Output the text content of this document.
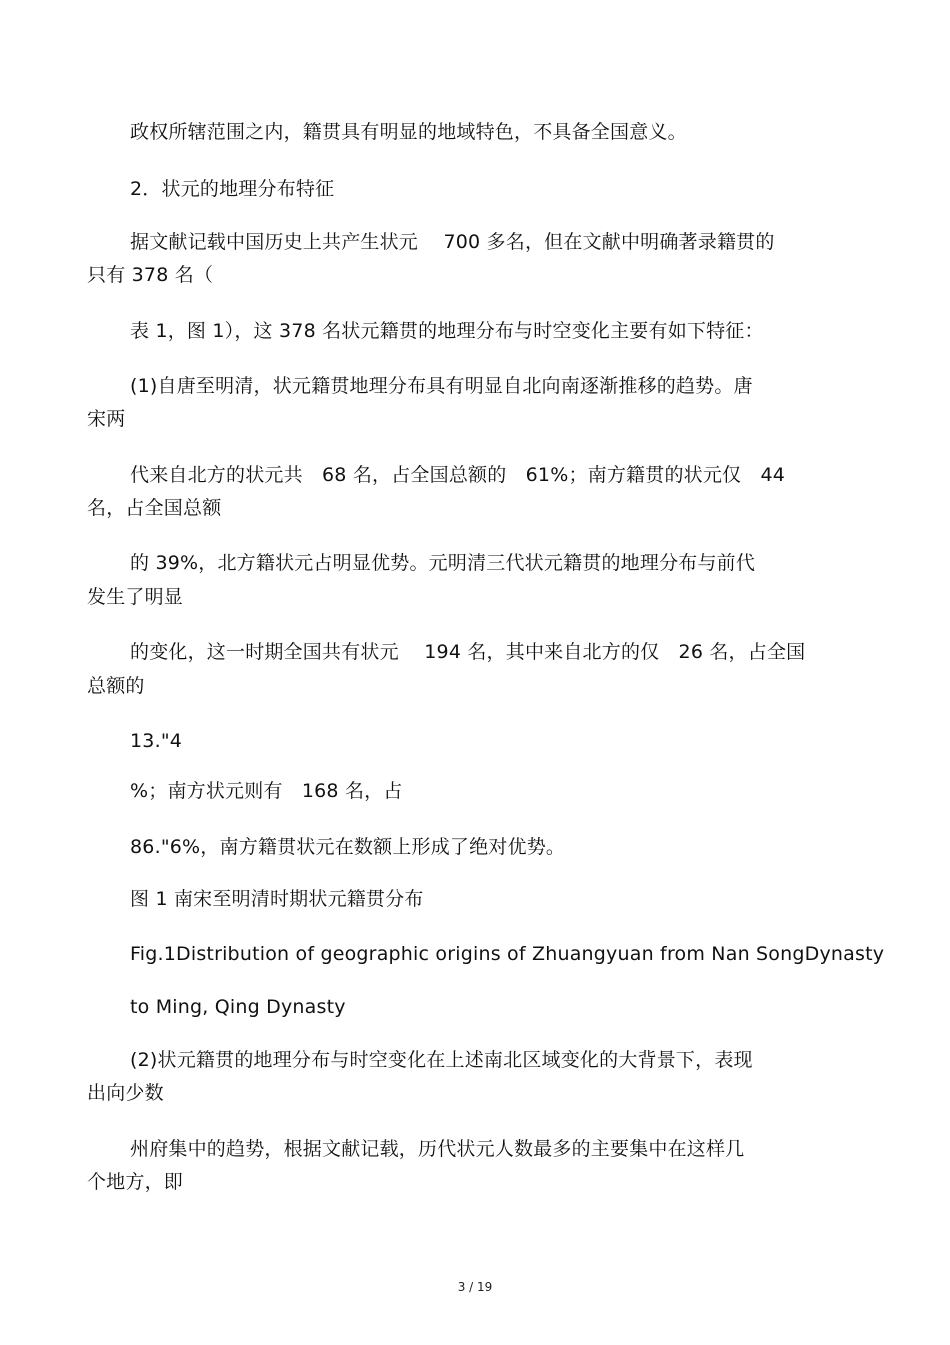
政权所辖范围之内，籍贯具有明显的地域特色，不具备全国意义。
2．状元的地理分布特征
据文献记载中国历史上共产生状元　 700 多名，但在文献中明确著录籍贯的
只有 378 名（
表 1，图 1），这 378 名状元籍贯的地理分布与时空变化主要有如下特征：
(1)自唐至明清，状元籍贯地理分布具有明显自北向南逐渐推移的趋势。唐
宋两
代来自北方的状元共　68 名，占全国总额的　61%；南方籍贯的状元仅　44
名，占全国总额
的 39%，北方籍状元占明显优势。元明清三代状元籍贯的地理分布与前代
发生了明显
的变化，这一时期全国共有状元　 194 名，其中来自北方的仅　26 名，占全国
总额的
13."4
%；南方状元则有　168 名，占
86."6%，南方籍贯状元在数额上形成了绝对优势。
图 1 南宋至明清时期状元籍贯分布
Fig.1Distribution of geographic origins of Zhuangyuan from Nan SongDynasty
to Ming, Qing Dynasty
(2)状元籍贯的地理分布与时空变化在上述南北区域变化的大背景下，表现
出向少数
州府集中的趋势，根据文献记载，历代状元人数最多的主要集中在这样几
个地方，即
3 / 19
